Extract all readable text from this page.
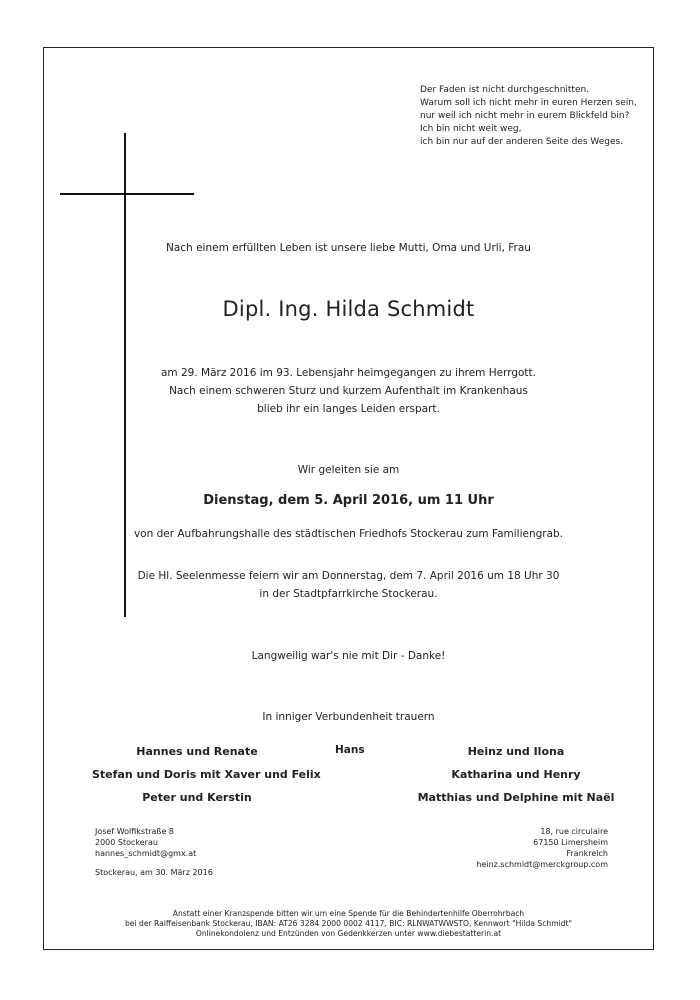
Der Faden ist nicht durchgeschnitten.
Warum soll ich nicht mehr in euren Herzen sein,
nur weil ich nicht mehr in eurem Blickfeld bin?
Ich bin nicht weit weg,
ich bin nur auf der anderen Seite des Weges.
Nach einem erfüllten Leben ist unsere liebe Mutti, Oma und Urli, Frau
Dipl. Ing. Hilda Schmidt
am 29. März 2016 im 93. Lebensjahr heimgegangen zu ihrem Herrgott.
Nach einem schweren Sturz und kurzem Aufenthalt im Krankenhaus
blieb ihr ein langes Leiden erspart.
Wir geleiten sie am
Dienstag, dem 5. April 2016, um 11 Uhr
von der Aufbahrungshalle des städtischen Friedhofs Stockerau zum Familiengrab.
Die Hl. Seelenmesse feiern wir am Donnerstag, dem 7. April 2016 um 18 Uhr 30
in der Stadtpfarrkirche Stockerau.
Langweilig war's nie mit Dir - Danke!
In inniger Verbundenheit trauern
Hannes und Renate
Stefan und Doris mit Xaver und Felix
Peter und Kerstin
Hans	Heinz und Ilona
Katharina und Henry
Matthias und Delphine mit Naël
Josef Wolfikstraße 8
2000 Stockerau
hannes_schmidt@gmx.at
18, rue circulaire
67150 Limersheim
Frankreich
heinz.schmidt@merckgroup.com
Stockerau, am 30. März 2016
Anstatt einer Kranzspende bitten wir um eine Spende für die Behindertenhilfe Oberrohrbach
bei der Raiffeisenbank Stockerau, IBAN: AT26 3284 2000 0002 4117, BIC: RLNWATWWSTO, Kennwort "Hilda Schmidt"
Onlinekondolenz und Entzünden von Gedenkkerzen unter www.diebestatterin.at
